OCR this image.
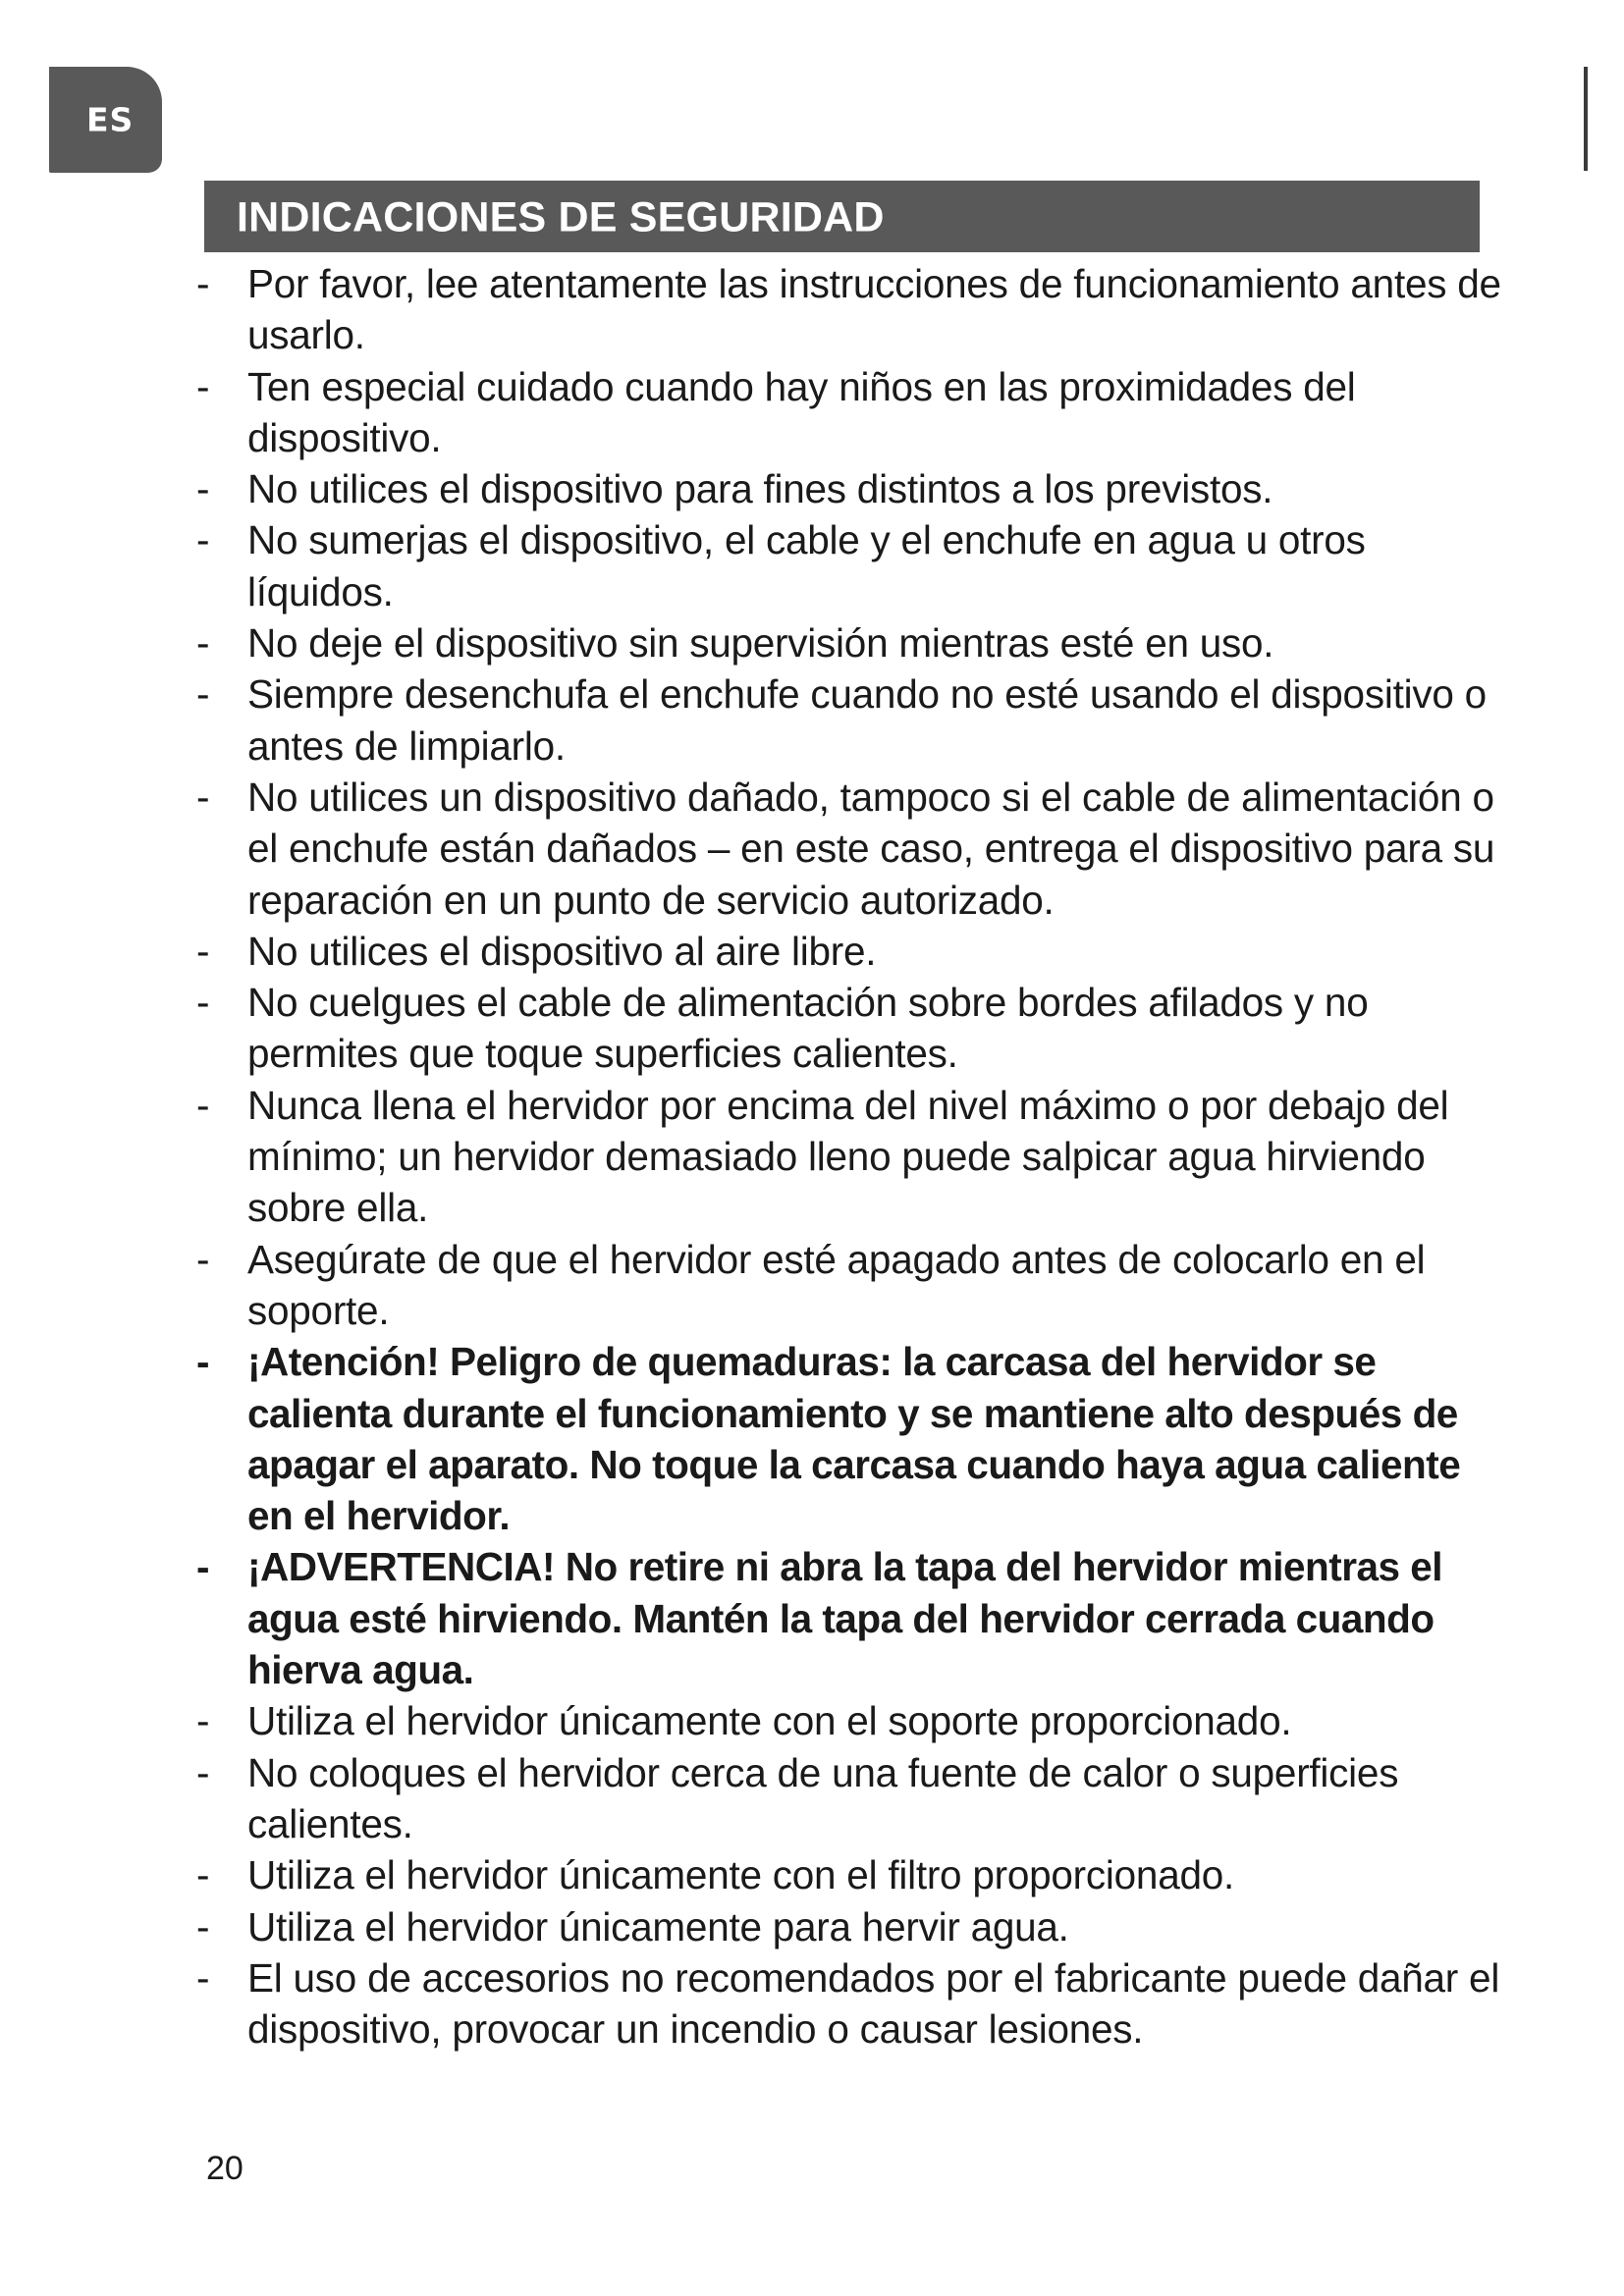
ES
INDICACIONES DE SEGURIDAD
- Por favor, lee atentamente las instrucciones de funcionamiento antes de usarlo.
- Ten especial cuidado cuando hay niños en las proximidades del dispositivo.
- No utilices el dispositivo para fines distintos a los previstos.
- No sumerjas el dispositivo, el cable y el enchufe en agua u otros líquidos.
- No deje el dispositivo sin supervisión mientras esté en uso.
- Siempre desenchufa el enchufe cuando no esté usando el dispositivo o antes de limpiarlo.
- No utilices un dispositivo dañado, tampoco si el cable de alimentación o el enchufe están dañados – en este caso, entrega el dispositivo para su reparación en un punto de servicio autorizado.
- No utilices el dispositivo al aire libre.
- No cuelgues el cable de alimentación sobre bordes afilados y no permites que toque superficies calientes.
- Nunca llena el hervidor por encima del nivel máximo o por debajo del mínimo; un hervidor demasiado lleno puede salpicar agua hirviendo sobre ella.
- Asegúrate de que el hervidor esté apagado antes de colocarlo en el soporte.
- ¡Atención! Peligro de quemaduras: la carcasa del hervidor se calienta durante el funcionamiento y se mantiene alto después de apagar el aparato. No toque la carcasa cuando haya agua caliente en el hervidor.
- ¡ADVERTENCIA! No retire ni abra la tapa del hervidor mientras el agua esté hirviendo. Mantén la tapa del hervidor cerrada cuando hierva agua.
- Utiliza el hervidor únicamente con el soporte proporcionado.
- No coloques el hervidor cerca de una fuente de calor o superficies calientes.
- Utiliza el hervidor únicamente con el filtro proporcionado.
- Utiliza el hervidor únicamente para hervir agua.
- El uso de accesorios no recomendados por el fabricante puede dañar el dispositivo, provocar un incendio o causar lesiones.
20
